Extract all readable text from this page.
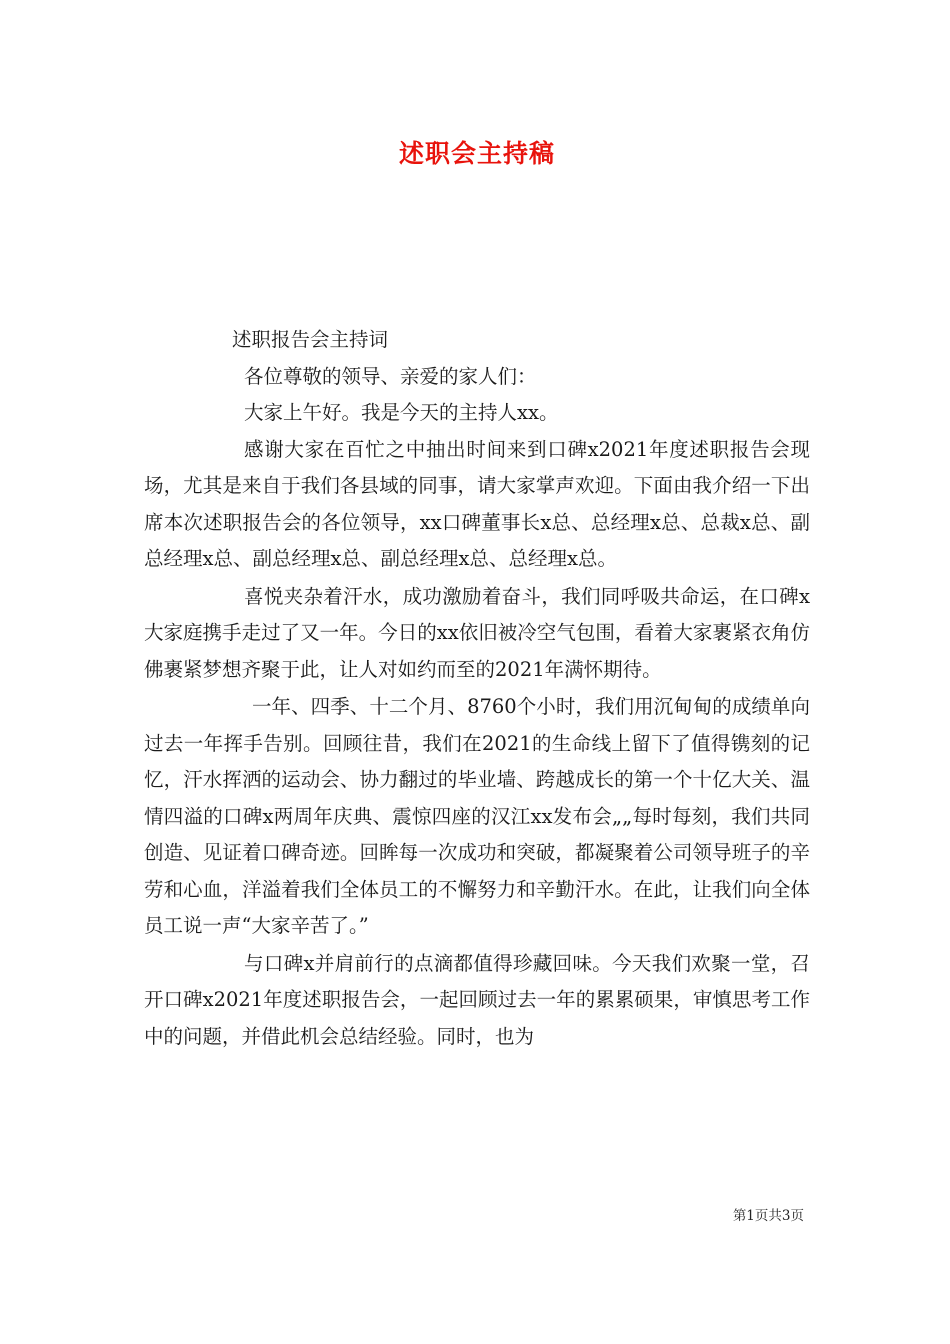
述职会主持稿

述职报告会主持词

各位尊敬的领导、亲爱的家人们：

大家上午好。我是今天的主持人xx。

感谢大家在百忙之中抽出时间来到口碑x2021年度述职报告会现场，尤其是来自于我们各县域的同事，请大家掌声欢迎。下面由我介绍一下出席本次述职报告会的各位领导，xx口碑董事长x总、总经理x总、总裁x总、副总经理x总、副总经理x总、副总经理x总、总经理x总。

喜悦夹杂着汗水，成功激励着奋斗，我们同呼吸共命运，在口碑x大家庭携手走过了又一年。今日的xx依旧被冷空气包围，看着大家裹紧衣角仿佛裹紧梦想齐聚于此，让人对如约而至的2021年满怀期待。

一年、四季、十二个月、8760个小时，我们用沉甸甸的成绩单向过去一年挥手告别。回顾往昔，我们在2021的生命线上留下了值得镌刻的记忆，汗水挥洒的运动会、协力翻过的毕业墙、跨越成长的第一个十亿大关、温情四溢的口碑x两周年庆典、震惊四座的汉江xx发布会„„每时每刻，我们共同创造、见证着口碑奇迹。回眸每一次成功和突破，都凝聚着公司领导班子的辛劳和心血，洋溢着我们全体员工的不懈努力和辛勤汗水。在此，让我们向全体员工说一声“大家辛苦了。”

与口碑x并肩前行的点滴都值得珍藏回味。今天我们欢聚一堂，召开口碑x2021年度述职报告会，一起回顾过去一年的累累硕果，审慎思考工作中的问题，并借此机会总结经验。同时，也为

第1页共3页
